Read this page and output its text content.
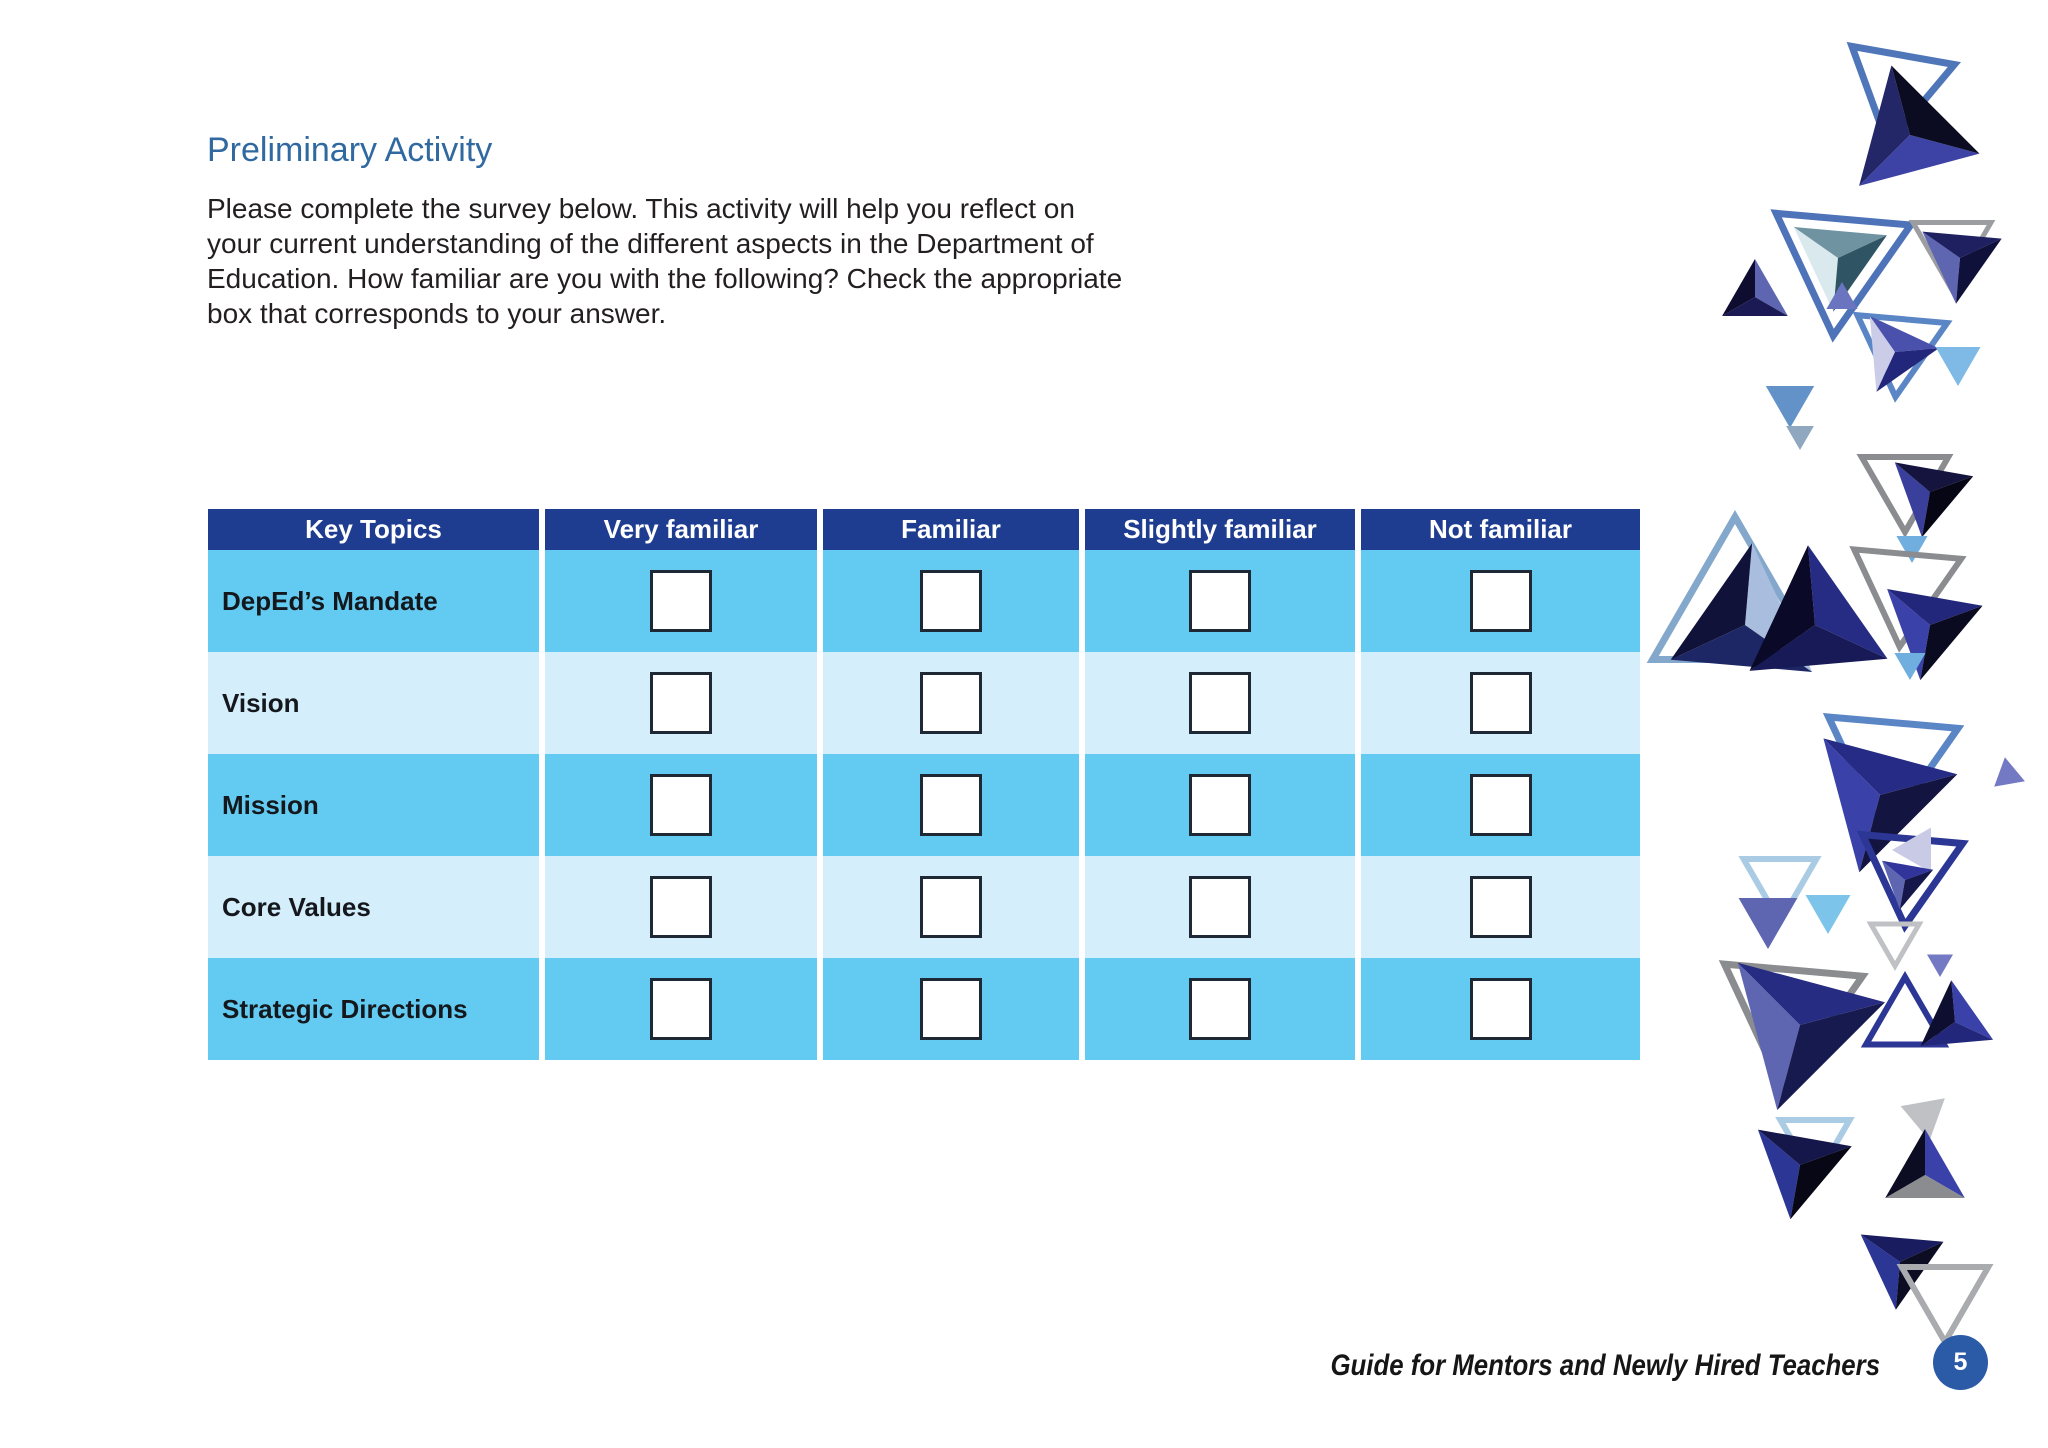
Preliminary Activity
Please complete the survey below. This activity will help you reflect on
your current understanding of the different aspects in the Department of
Education. How familiar are you with the following? Check the appropriate
box that corresponds to your answer.
Key Topics	Very familiar	Familiar	Slightly familiar	Not familiar
DepEd’s Mandate
Vision
Mission
Core Values
Strategic Directions
Guide for Mentors and Newly Hired Teachers	5
